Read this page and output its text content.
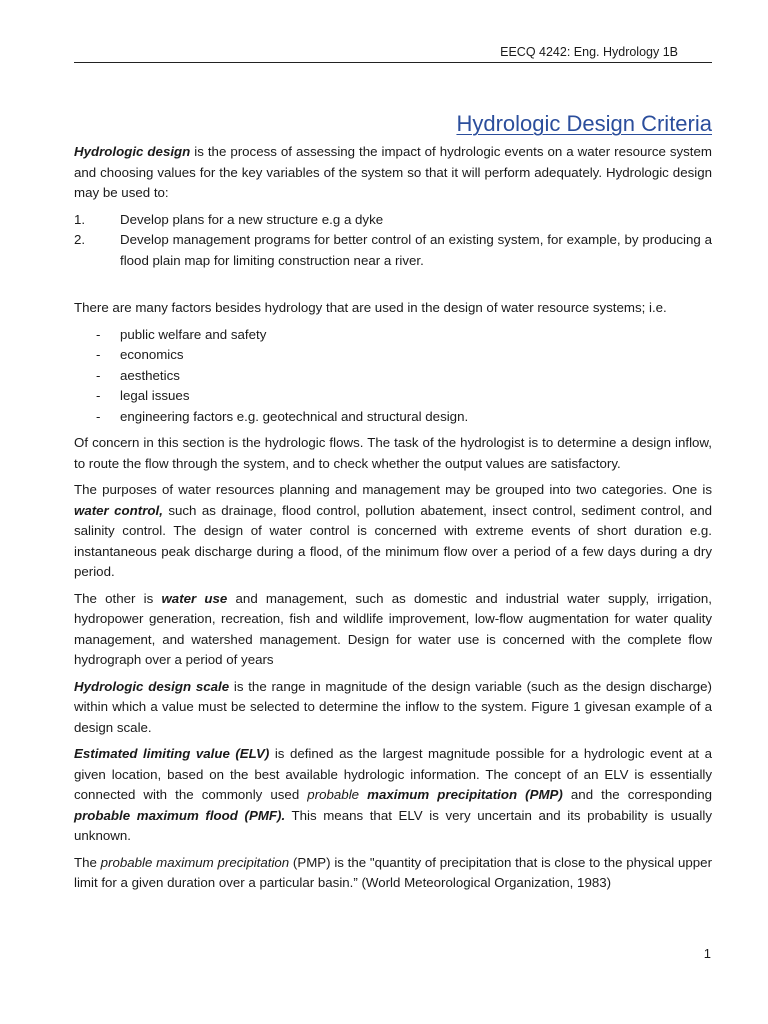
EECQ 4242: Eng. Hydrology 1B
Hydrologic Design Criteria

Hydrologic design is the process of assessing the impact of hydrologic events on a water resource system and choosing values for the key variables of the system so that it will perform adequately. Hydrologic design may be used to:

1.	Develop plans for a new structure e.g a dyke
2.	Develop management programs for better control of an existing system, for example, by producing a flood plain map for limiting construction near a river.

There are many factors besides hydrology that are used in the design of water resource systems; i.e.

-	public welfare and safety
-	economics
-	aesthetics
-	legal issues
-	engineering factors e.g. geotechnical and structural design.

Of concern in this section is the hydrologic flows. The task of the hydrologist is to determine a design inflow, to route the flow through the system, and to check whether the output values are satisfactory.

The purposes of water resources planning and management may be grouped into two categories. One is water control, such as drainage, flood control, pollution abatement, insect control, sediment control, and salinity control. The design of water control is concerned with extreme events of short duration e.g. instantaneous peak discharge during a flood, of the minimum flow over a period of a few days during a dry period.

The other is water use and management, such as domestic and industrial water supply, irrigation, hydropower generation, recreation, fish and wildlife improvement, low-flow augmentation for water quality management, and watershed management. Design for water use is concerned with the complete flow hydrograph over a period of years

Hydrologic design scale is the range in magnitude of the design variable (such as the design discharge) within which a value must be selected to determine the inflow to the system. Figure 1 givesan example of a design scale.

Estimated limiting value (ELV) is defined as the largest magnitude possible for a hydrologic event at a given location, based on the best available hydrologic information. The concept of an ELV is essentially connected with the commonly used probable maximum precipitation (PMP) and the corresponding probable maximum flood (PMF). This means that ELV is very uncertain and its probability is usually unknown.

The probable maximum precipitation (PMP) is the "quantity of precipitation that is close to the physical upper limit for a given duration over a particular basin.” (World Meteorological Organization, 1983)

1
